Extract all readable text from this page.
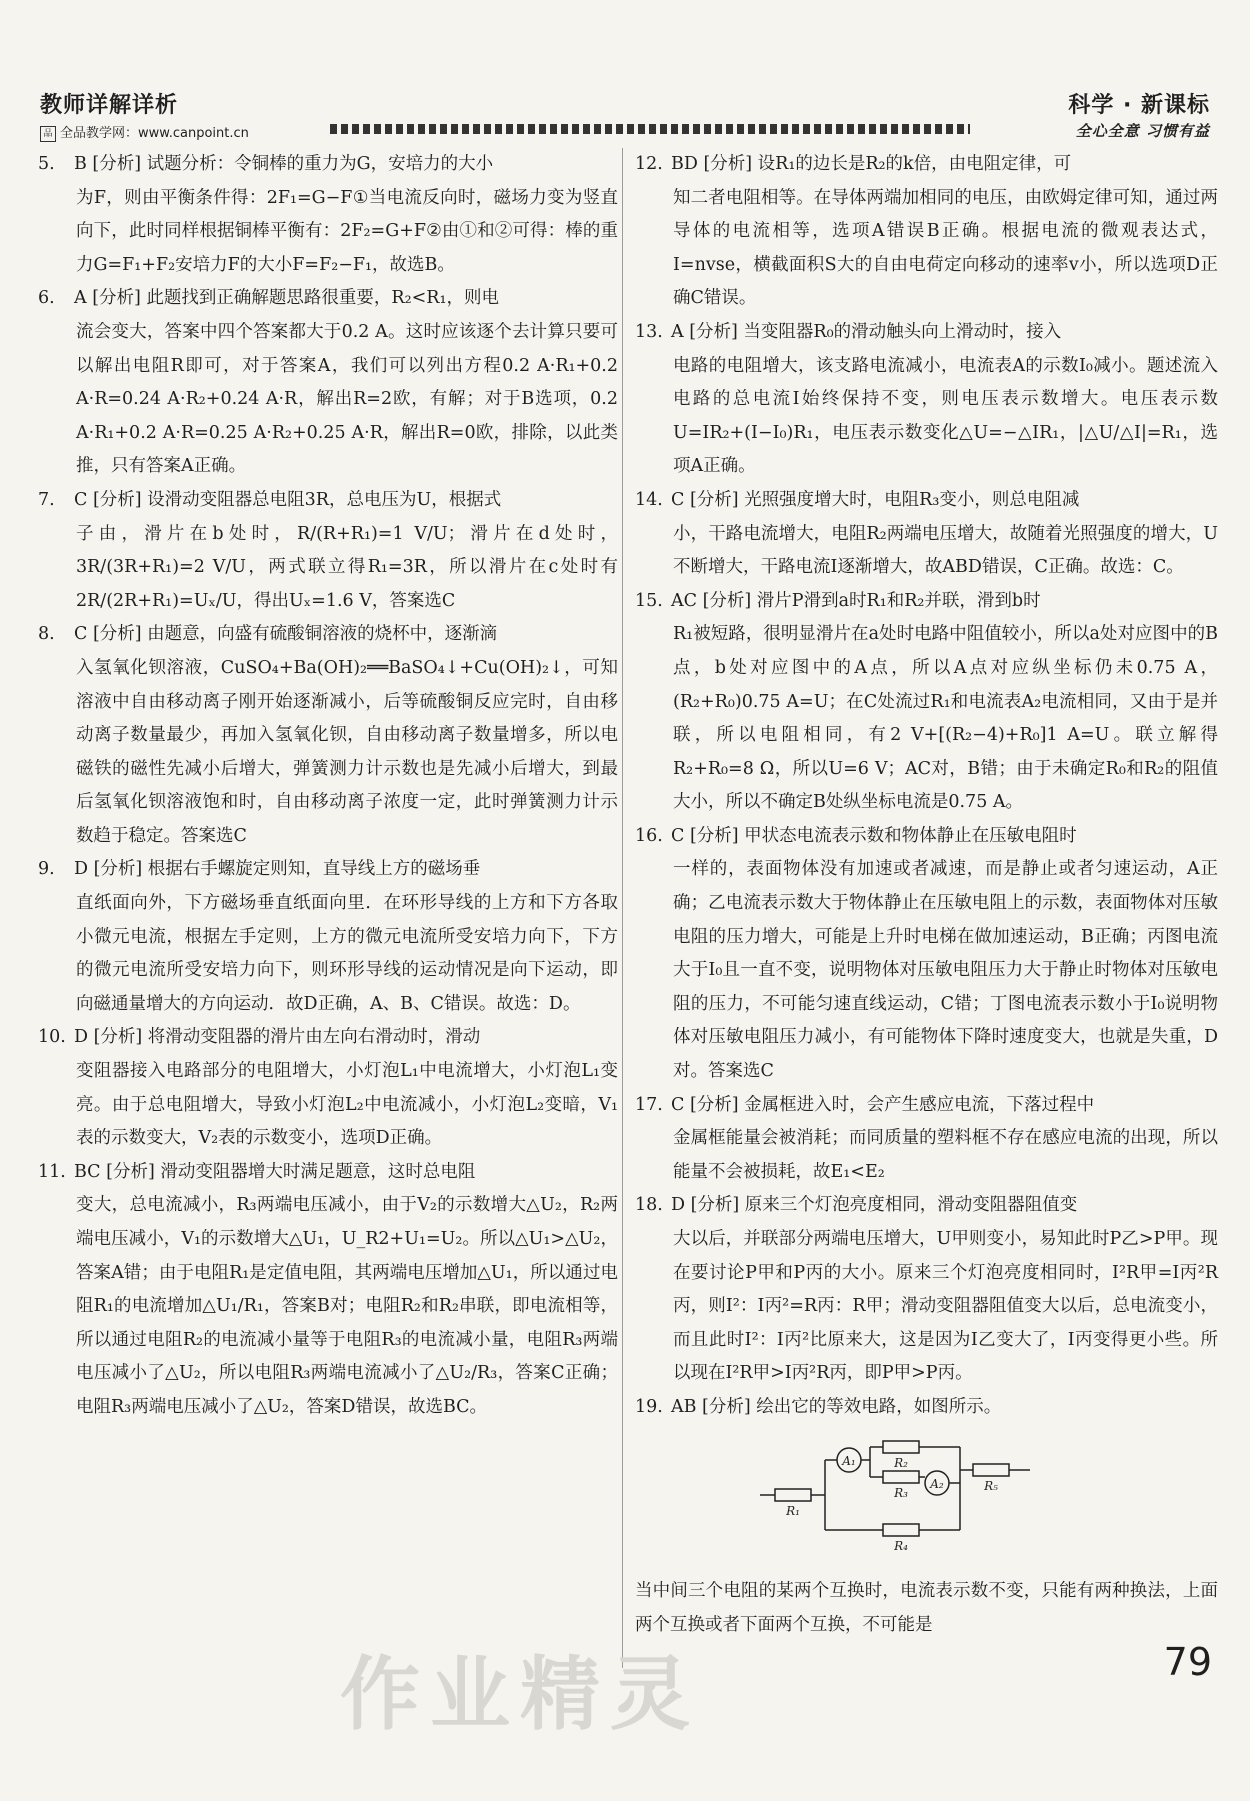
教师详解详析
品 全品教学网：www.canpoint.cn
科学 · 新课标
全心全意 习惯有益
5. B [分析] 试题分析：令铜棒的重力为G，安培力的大小
为F，则由平衡条件得：2F₁=G−F①当电流反向时，磁场力变为竖直向下，此时同样根据铜棒平衡有：2F₂=G+F②由①和②可得：棒的重力G=F₁+F₂安培力F的大小F=F₂−F₁，故选B。
6. A [分析] 此题找到正确解题思路很重要，R₂<R₁，则电
流会变大，答案中四个答案都大于0.2 A。这时应该逐个去计算只要可以解出电阻R即可，对于答案A，我们可以列出方程0.2 A·R₁+0.2 A·R=0.24 A·R₂+0.24 A·R，解出R=2欧，有解；对于B选项，0.2 A·R₁+0.2 A·R=0.25 A·R₂+0.25 A·R，解出R=0欧，排除，以此类推，只有答案A正确。
7. C [分析] 设滑动变阻器总电阻3R，总电压为U，根据式
子由，滑片在b处时，R/(R+R₁)=1 V/U；滑片在d处时，3R/(3R+R₁)=2 V/U，两式联立得R₁=3R，所以滑片在c处时有2R/(2R+R₁)=Uₓ/U，得出Uₓ=1.6 V，答案选C
8. C [分析] 由题意，向盛有硫酸铜溶液的烧杯中，逐渐滴
入氢氧化钡溶液，CuSO₄+Ba(OH)₂══BaSO₄↓+Cu(OH)₂↓，可知溶液中自由移动离子刚开始逐渐减小，后等硫酸铜反应完时，自由移动离子数量最少，再加入氢氧化钡，自由移动离子数量增多，所以电磁铁的磁性先减小后增大，弹簧测力计示数也是先减小后增大，到最后氢氧化钡溶液饱和时，自由移动离子浓度一定，此时弹簧测力计示数趋于稳定。答案选C
9. D [分析] 根据右手螺旋定则知，直导线上方的磁场垂
直纸面向外，下方磁场垂直纸面向里．在环形导线的上方和下方各取小微元电流，根据左手定则，上方的微元电流所受安培力向下，下方的微元电流所受安培力向下，则环形导线的运动情况是向下运动，即向磁通量增大的方向运动．故D正确，A、B、C错误。故选：D。
10. D [分析] 将滑动变阻器的滑片由左向右滑动时，滑动
变阻器接入电路部分的电阻增大，小灯泡L₁中电流增大，小灯泡L₁变亮。由于总电阻增大，导致小灯泡L₂中电流减小，小灯泡L₂变暗，V₁表的示数变大，V₂表的示数变小，选项D正确。
11. BC [分析] 滑动变阻器增大时满足题意，这时总电阻
变大，总电流减小，R₃两端电压减小，由于V₂的示数增大△U₂，R₂两端电压减小，V₁的示数增大△U₁，U_R2+U₁=U₂。所以△U₁>△U₂，答案A错；由于电阻R₁是定值电阻，其两端电压增加△U₁，所以通过电阻R₁的电流增加△U₁/R₁，答案B对；电阻R₂和R₂串联，即电流相等，所以通过电阻R₂的电流减小量等于电阻R₃的电流减小量，电阻R₃两端电压减小了△U₂，所以电阻R₃两端电流减小了△U₂/R₃，答案C正确；电阻R₃两端电压减小了△U₂，答案D错误，故选BC。
12. BD [分析] 设R₁的边长是R₂的k倍，由电阻定律，可
知二者电阻相等。在导体两端加相同的电压，由欧姆定律可知，通过两导体的电流相等，选项A错误B正确。根据电流的微观表达式，I=nvse，横截面积S大的自由电荷定向移动的速率v小，所以选项D正确C错误。
13. A [分析] 当变阻器R₀的滑动触头向上滑动时，接入
电路的电阻增大，该支路电流减小，电流表A的示数I₀减小。题述流入电路的总电流I始终保持不变，则电压表示数增大。电压表示数U=IR₂+(I−I₀)R₁，电压表示数变化△U=−△IR₁，|△U/△I|=R₁，选项A正确。
14. C [分析] 光照强度增大时，电阻R₃变小，则总电阻减
小，干路电流增大，电阻R₂两端电压增大，故随着光照强度的增大，U不断增大，干路电流I逐渐增大，故ABD错误，C正确。故选：C。
15. AC [分析] 滑片P滑到a时R₁和R₂并联，滑到b时
R₁被短路，很明显滑片在a处时电路中阻值较小，所以a处对应图中的B点，b处对应图中的A点，所以A点对应纵坐标仍未0.75 A，(R₂+R₀)0.75 A=U；在C处流过R₁和电流表A₂电流相同，又由于是并联，所以电阻相同，有2 V+[(R₂−4)+R₀]1 A=U。联立解得R₂+R₀=8 Ω，所以U=6 V；AC对，B错；由于未确定R₀和R₂的阻值大小，所以不确定B处纵坐标电流是0.75 A。
16. C [分析] 甲状态电流表示数和物体静止在压敏电阻时
一样的，表面物体没有加速或者减速，而是静止或者匀速运动，A正确；乙电流表示数大于物体静止在压敏电阻上的示数，表面物体对压敏电阻的压力增大，可能是上升时电梯在做加速运动，B正确；丙图电流大于I₀且一直不变，说明物体对压敏电阻压力大于静止时物体对压敏电阻的压力，不可能匀速直线运动，C错；丁图电流表示数小于I₀说明物体对压敏电阻压力减小，有可能物体下降时速度变大，也就是失重，D对。答案选C
17. C [分析] 金属框进入时，会产生感应电流，下落过程中
金属框能量会被消耗；而同质量的塑料框不存在感应电流的出现，所以能量不会被损耗，故E₁<E₂
18. D [分析] 原来三个灯泡亮度相同，滑动变阻器阻值变
大以后，并联部分两端电压增大，U甲则变小，易知此时P乙>P甲。现在要讨论P甲和P丙的大小。原来三个灯泡亮度相同时，I²R甲=I丙²R丙，则I²：I丙²=R丙：R甲；滑动变阻器阻值变大以后，总电流变小，而且此时I²：I丙²比原来大，这是因为I乙变大了，I丙变得更小些。所以现在I²R甲>I丙²R丙，即P甲>P丙。
19. AB [分析] 绘出它的等效电路，如图所示。
A₁	R₂
R₃
A₂	R₅
R₁
R₄
当中间三个电阻的某两个互换时，电流表示数不变，只能有两种换法，上面两个互换或者下面两个互换，不可能是
作业精灵	79
